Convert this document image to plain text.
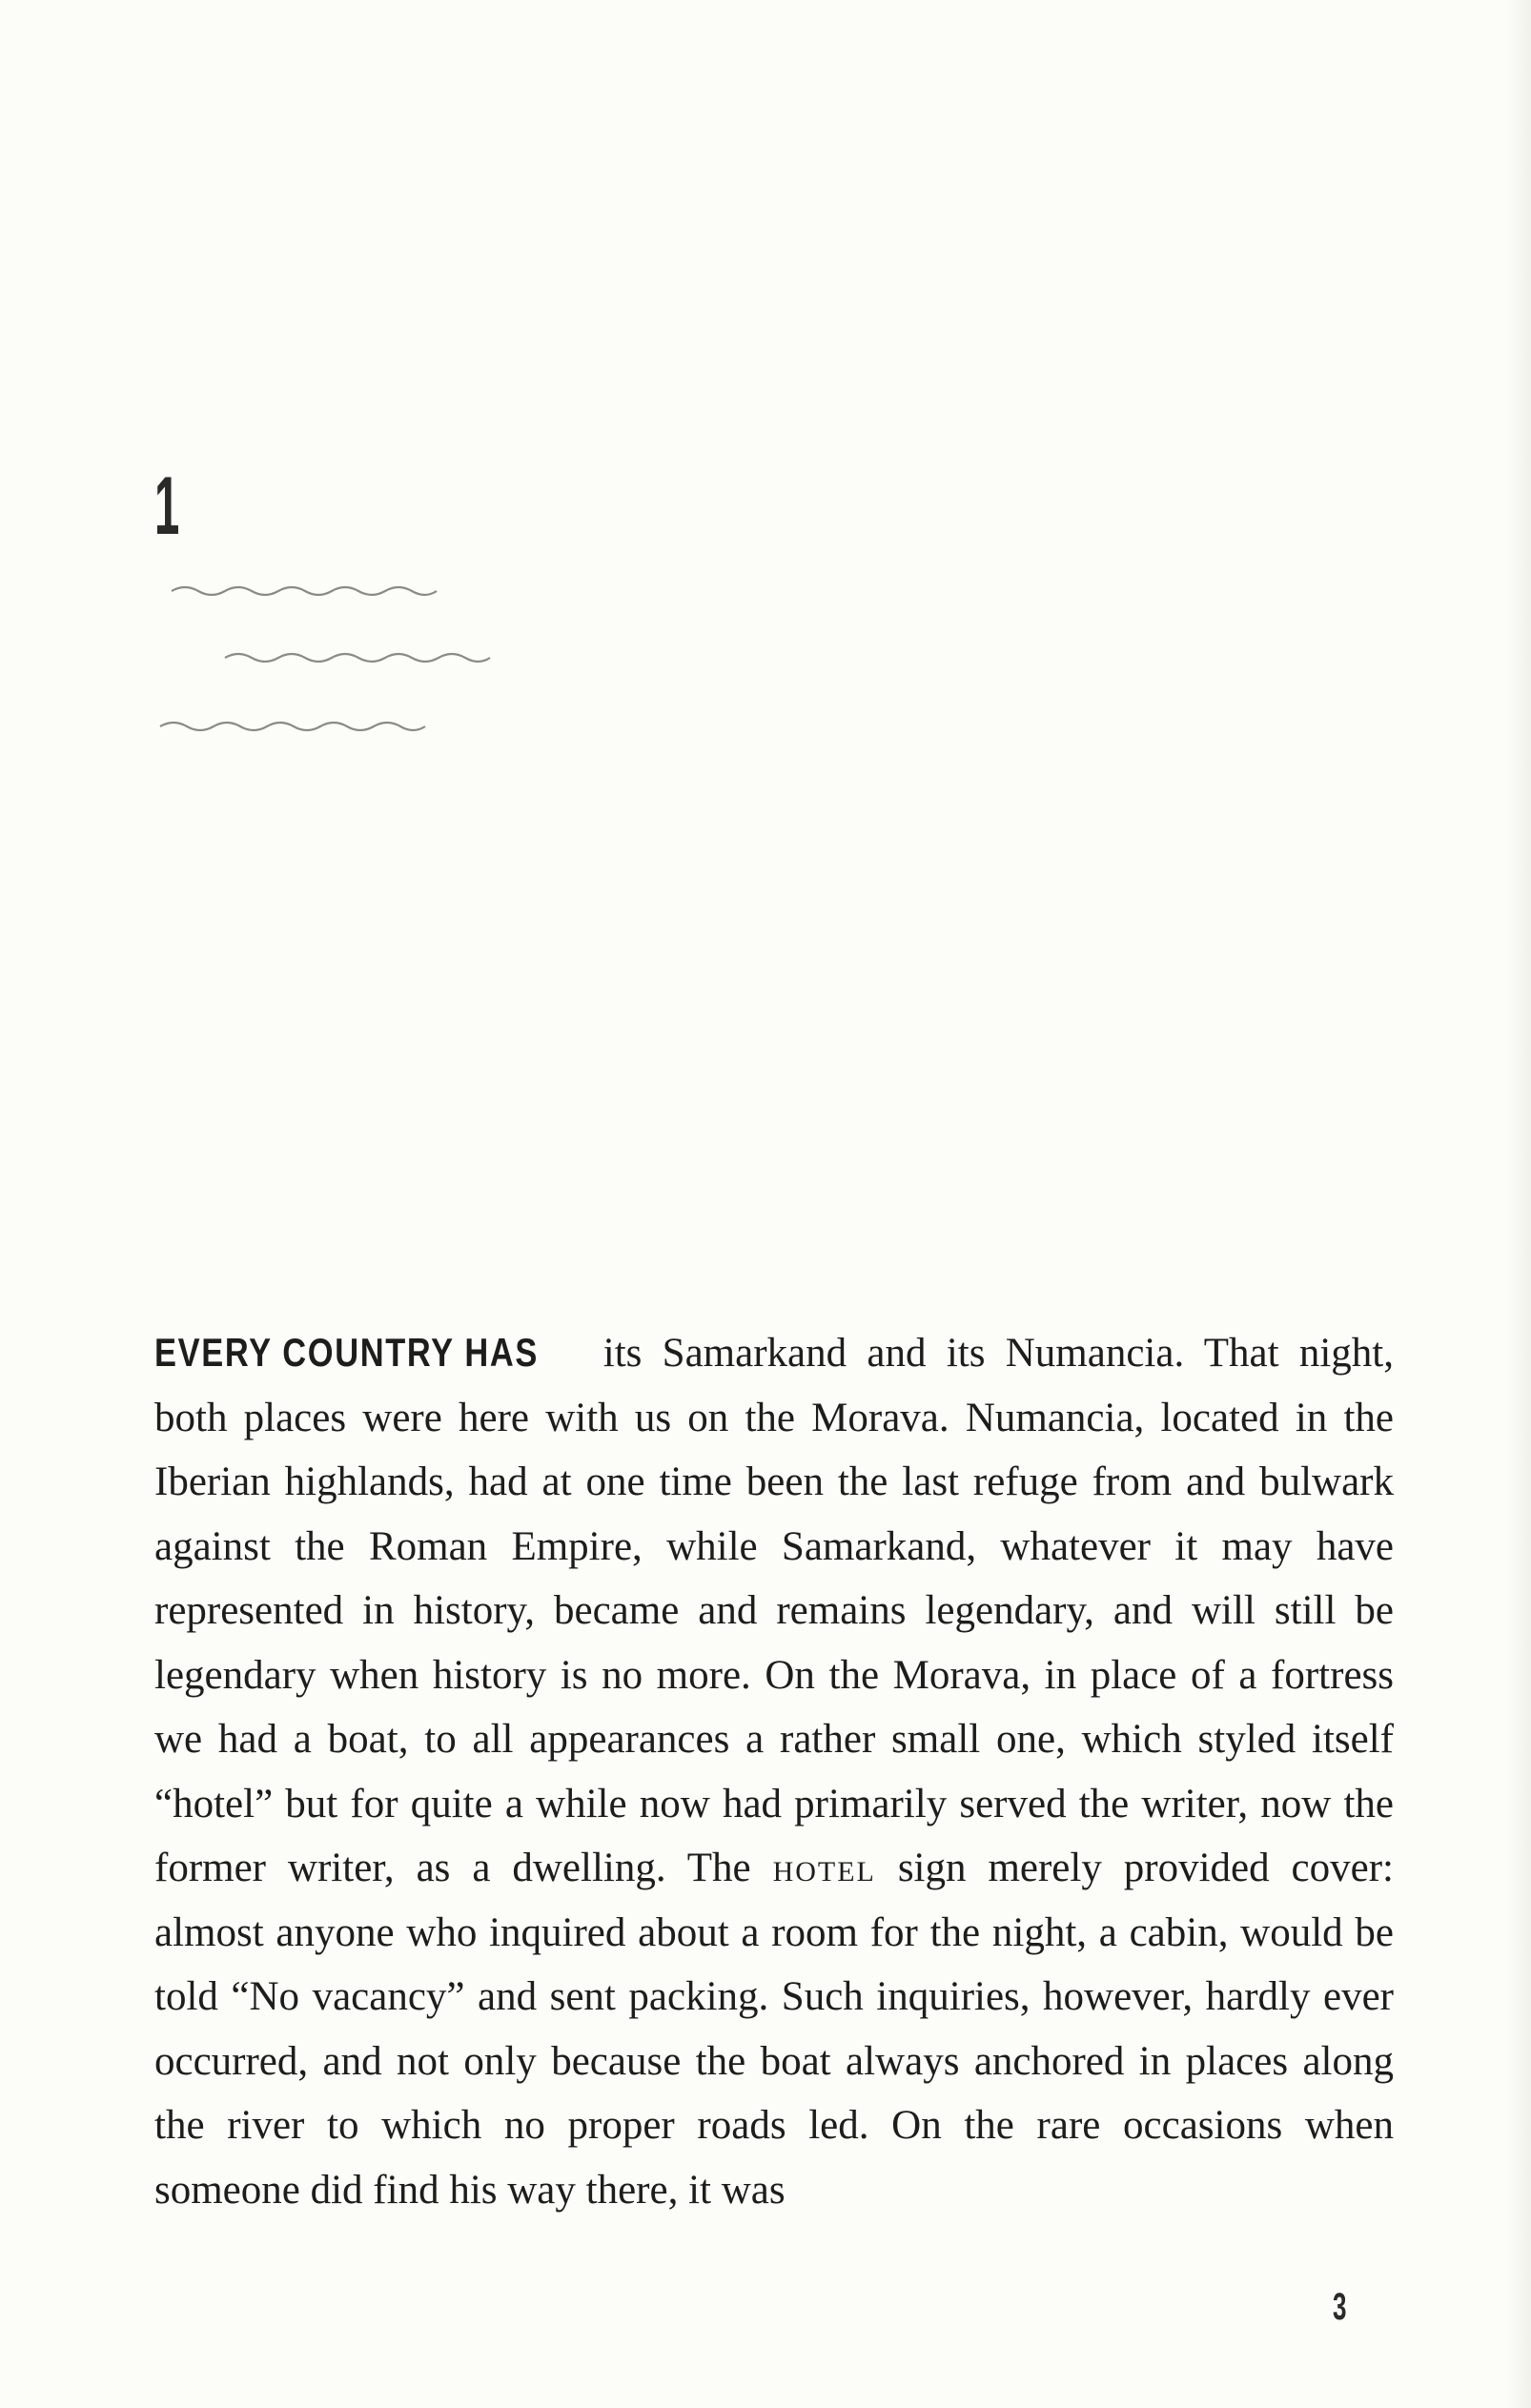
1

EVERY COUNTRY HAS its Samarkand and its Numancia. That night, both places were here with us on the Morava. Numancia, located in the Iberian highlands, had at one time been the last refuge from and bulwark against the Roman Empire, while Samarkand, whatever it may have represented in history, became and remains legendary, and will still be legendary when history is no more. On the Morava, in place of a fortress we had a boat, to all appearances a rather small one, which styled itself “hotel” but for quite a while now had primarily served the writer, now the former writer, as a dwelling. The hotel sign merely provided cover: almost anyone who inquired about a room for the night, a cabin, would be told “No vacancy” and sent packing. Such inquiries, however, hardly ever occurred, and not only because the boat always anchored in places along the river to which no proper roads led. On the rare occasions when someone did find his way there, it was

3
